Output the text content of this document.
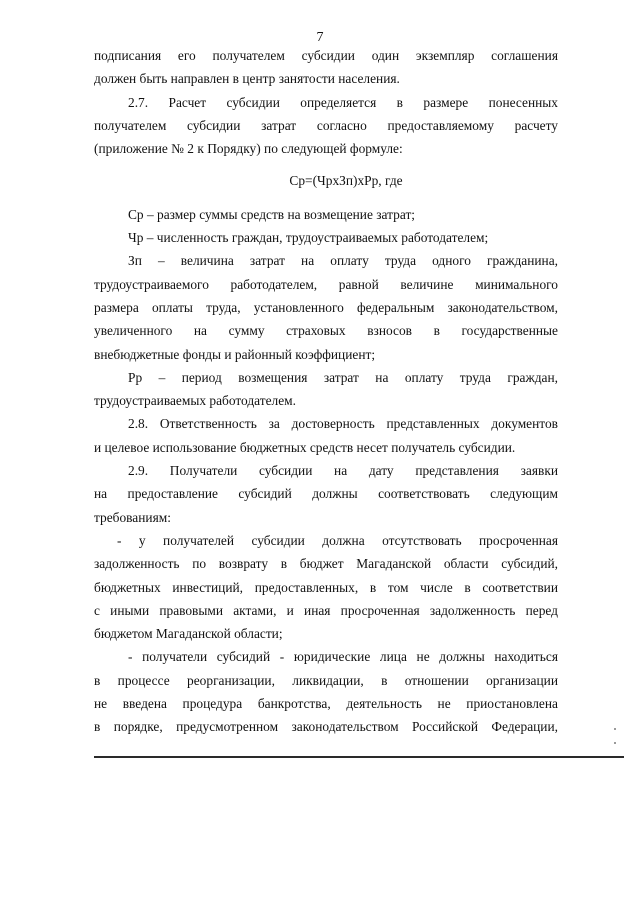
7
подписания его получателем субсидии один экземпляр соглашения
должен быть направлен в центр занятости населения.
2.7. Расчет субсидии определяется в размере понесенных
получателем субсидии затрат согласно предоставляемому расчету
(приложение № 2 к Порядку) по следующей формуле:
Ср=(ЧрхЗп)хРр, где
Ср – размер суммы средств на возмещение затрат;
Чр – численность граждан, трудоустраиваемых работодателем;
Зп – величина затрат на оплату труда одного гражданина,
трудоустраиваемого работодателем, равной величине минимального
размера оплаты труда, установленного федеральным законодательством,
увеличенного на сумму страховых взносов в государственные
внебюджетные фонды и районный коэффициент;
Рр – период возмещения затрат на оплату труда граждан,
трудоустраиваемых работодателем.
2.8. Ответственность за достоверность представленных документов
и целевое использование бюджетных средств несет получатель субсидии.
2.9. Получатели субсидии на дату представления заявки
на предоставление субсидий должны соответствовать следующим
требованиям:
- у получателей субсидии должна отсутствовать просроченная
задолженность по возврату в бюджет Магаданской области субсидий,
бюджетных инвестиций, предоставленных, в том числе в соответствии
с иными правовыми актами, и иная просроченная задолженность перед
бюджетом Магаданской области;
- получатели субсидий - юридические лица не должны находиться
в процессе реорганизации, ликвидации, в отношении организации
не введена процедура банкротства, деятельность не приостановлена
в порядке, предусмотренном законодательством Российской Федерации,
